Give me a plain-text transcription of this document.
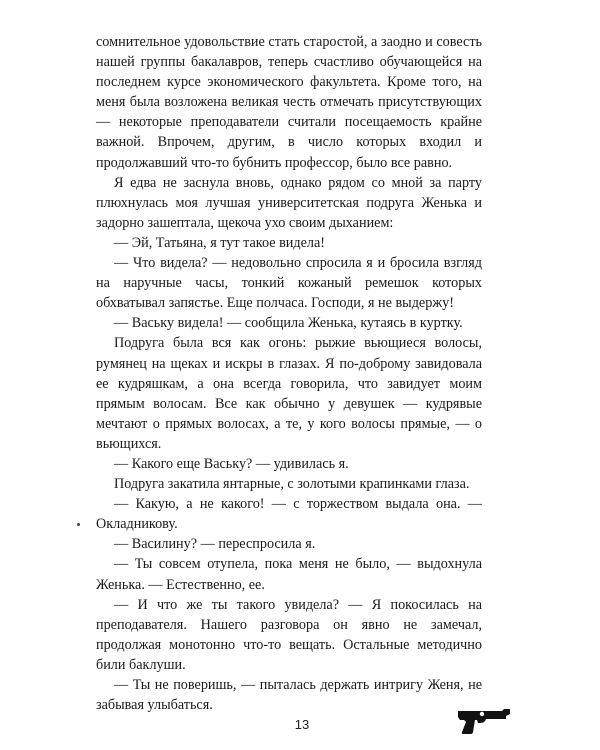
сомнительное удовольствие стать старостой, а заодно и совесть нашей группы бакалавров, теперь счастливо обучающейся на последнем курсе экономического факультета. Кроме того, на меня была возложена великая честь отмечать присутствующих — некоторые преподаватели считали посещаемость крайне важной. Впрочем, другим, в число которых входил и продолжавший что-то бубнить профессор, было все равно.

Я едва не заснула вновь, однако рядом со мной за парту плюхнулась моя лучшая университетская подруга Женька и задорно зашептала, щекоча ухо своим дыханием:

— Эй, Татьяна, я тут такое видела!

— Что видела? — недовольно спросила я и бросила взгляд на наручные часы, тонкий кожаный ремешок которых обхватывал запястье. Еще полчаса. Господи, я не выдержу!

— Ваську видела! — сообщила Женька, кутаясь в куртку.

Подруга была вся как огонь: рыжие вьющиеся волосы, румянец на щеках и искры в глазах. Я по-доброму завидовала ее кудряшкам, а она всегда говорила, что завидует моим прямым волосам. Все как обычно у девушек — кудрявые мечтают о прямых волосах, а те, у кого волосы прямые, — о вьющихся.

— Какого еще Ваську? — удивилась я.

Подруга закатила янтарные, с золотыми крапинками глаза.

— Какую, а не какого! — с торжеством выдала она. — Окладникову.

— Василину? — переспросила я.

— Ты совсем отупела, пока меня не было, — выдохнула Женька. — Естественно, ее.

— И что же ты такого увидела? — Я покосилась на преподавателя. Нашего разговора он явно не замечал, продолжая монотонно что-то вещать. Остальные методично били баклуши.

— Ты не поверишь, — пыталась держать интригу Женя, не забывая улыбаться.

13
